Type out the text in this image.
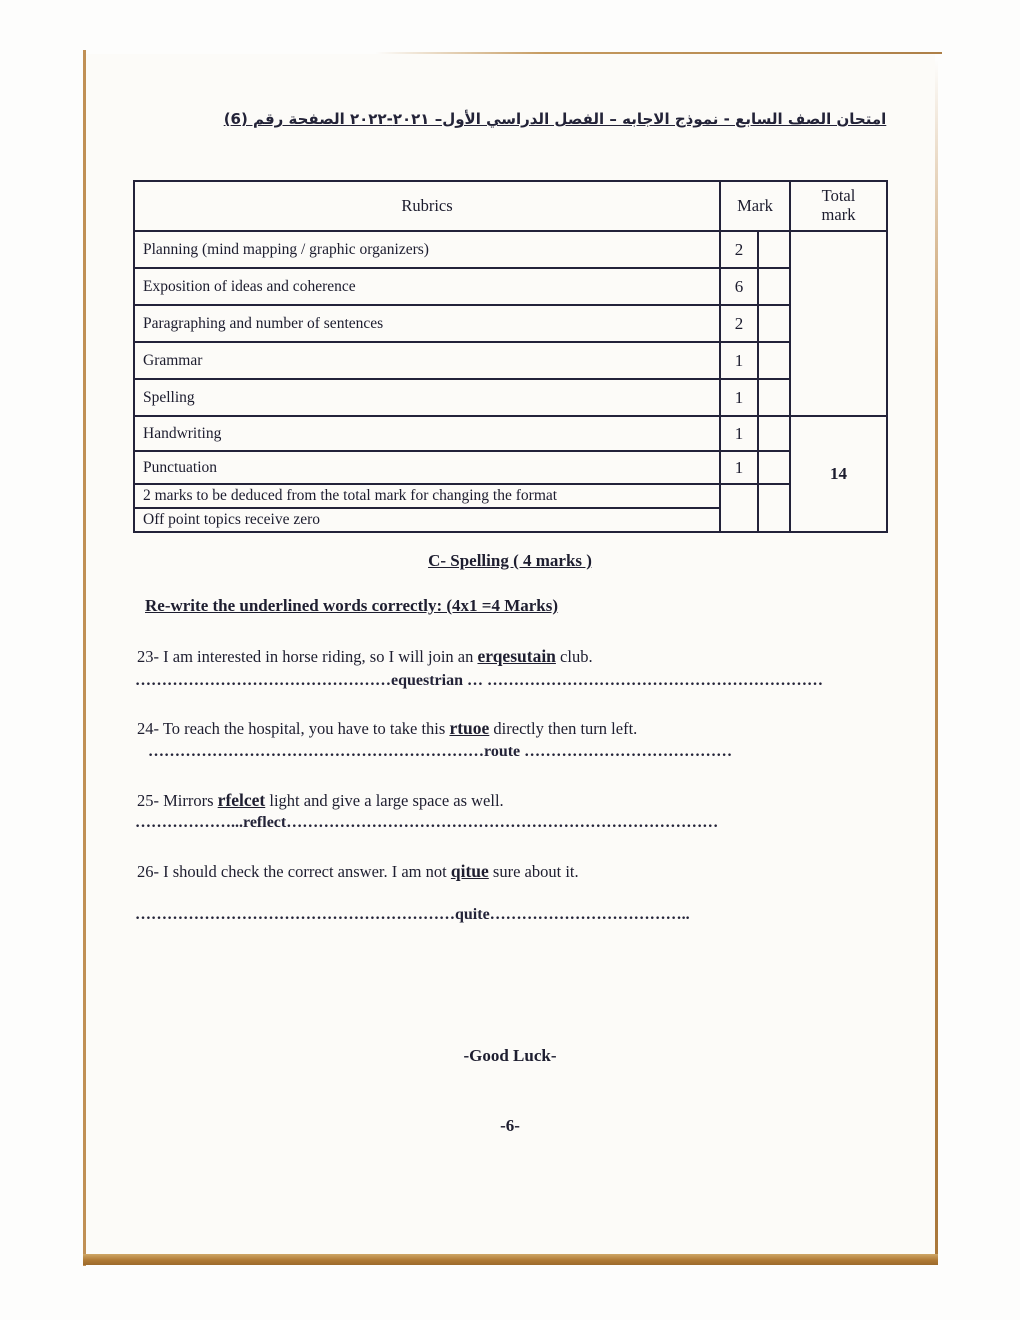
امتحان الصف السابع - نموذج الاجابه – الفصل الدراسي الأول– ٢٠٢١-٢٠٢٢ الصفحة رقم (6)
Rubrics	Mark		Total
mark
Planning (mind mapping / graphic organizers)	2		
Exposition of ideas and coherence	6		
Paragraphing and number of sentences	2		
Grammar	1		
Spelling	1		
Handwriting	1		14
Punctuation	1		
2 marks to be deduced from the total mark for changing the format			
Off point topics receive zero			
C- Spelling ( 4 marks )
Re-write the underlined words correctly: (4x1 =4 Marks)
23- I am interested in horse riding, so I will join an erqesutain club.
…………………………………………equestrian … ………………………………………………………
24- To reach the hospital, you have to take this rtuoe directly then turn left.
………………………………………………………route …………………………………
25- Mirrors rfelcet light and give a large space as well.
………………...reflect………………………………………………………………………
26- I should check the correct answer. I am not qitue sure about it.
……………………………………………………quite………………………………..
-Good Luck-
-6-
